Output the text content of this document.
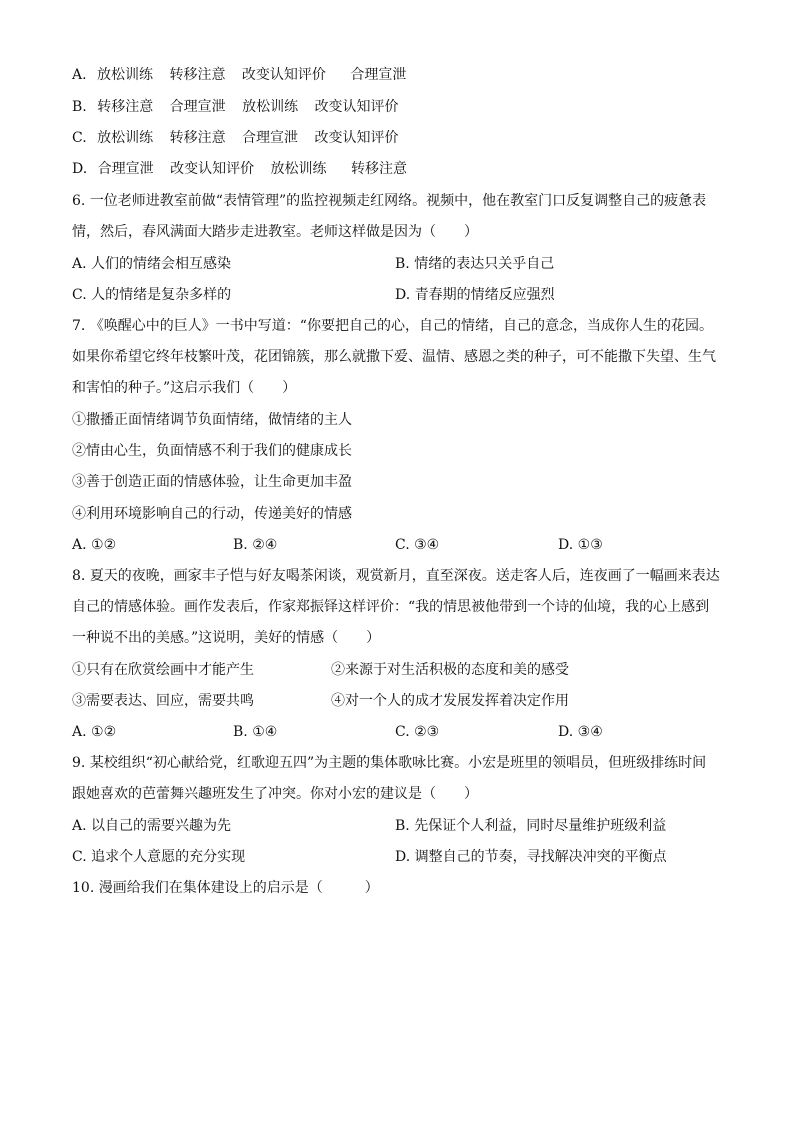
A. 放松训练 转移注意 改变认知评价 合理宣泄
B. 转移注意 合理宣泄 放松训练 改变认知评价
C. 放松训练 转移注意 合理宣泄 改变认知评价
D. 合理宣泄 改变认知评价 放松训练 转移注意
6. 一位老师进教室前做“表情管理”的监控视频走红网络。视频中，他在教室门口反复调整自己的疲惫表
情，然后，春风满面大踏步走进教室。老师这样做是因为（　　）
A. 人们的情绪会相互感染	B. 情绪的表达只关乎自己
C. 人的情绪是复杂多样的	D. 青春期的情绪反应强烈
7. 《唤醒心中的巨人》一书中写道：“你要把自己的心，自己的情绪，自己的意念，当成你人生的花园。
如果你希望它终年枝繁叶茂，花团锦簇，那么就撒下爱、温情、感恩之类的种子，可不能撒下失望、生气
和害怕的种子。”这启示我们（　　）
①撒播正面情绪调节负面情绪，做情绪的主人
②情由心生，负面情感不利于我们的健康成长
③善于创造正面的情感体验，让生命更加丰盈
④利用环境影响自己的行动，传递美好的情感
A. ①②	B. ②④	C. ③④	D. ①③
8. 夏天的夜晚，画家丰子恺与好友喝茶闲谈，观赏新月，直至深夜。送走客人后，连夜画了一幅画来表达
自己的情感体验。画作发表后，作家郑振铎这样评价：“我的情思被他带到一个诗的仙境，我的心上感到
一种说不出的美感。”这说明，美好的情感（　　）
①只有在欣赏绘画中才能产生	②来源于对生活积极的态度和美的感受
③需要表达、回应，需要共鸣	④对一个人的成才发展发挥着决定作用
A. ①②	B. ①④	C. ②③	D. ③④
9. 某校组织“初心献给党，红歌迎五四”为主题的集体歌咏比赛。小宏是班里的领唱员，但班级排练时间
跟她喜欢的芭蕾舞兴趣班发生了冲突。你对小宏的建议是（　　）
A. 以自己的需要兴趣为先	B. 先保证个人利益，同时尽量维护班级利益
C. 追求个人意愿的充分实现	D. 调整自己的节奏，寻找解决冲突的平衡点
10. 漫画给我们在集体建设上的启示是（　　　）
